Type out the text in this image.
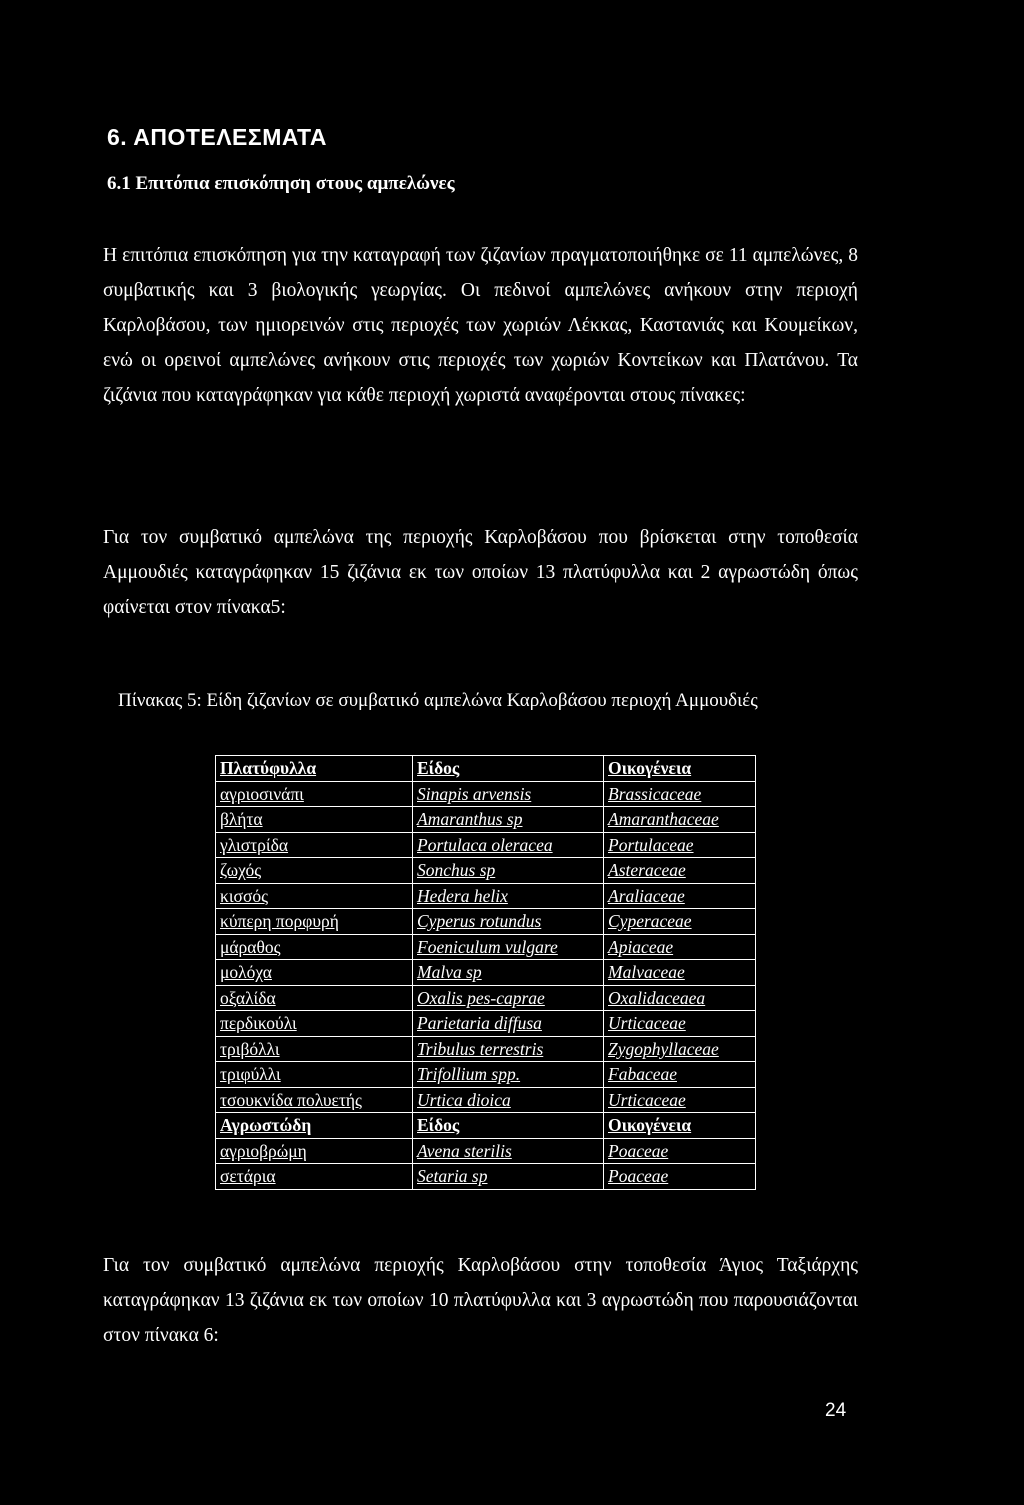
6. ΑΠΟΤΕΛΕΣΜΑΤΑ
6.1 Επιτόπια επισκόπηση στους αμπελώνες

Η επιτόπια επισκόπηση για την καταγραφή των ζιζανίων πραγματοποιήθηκε σε 11 αμπελώνες, 8 συμβατικής και 3 βιολογικής γεωργίας. Οι πεδινοί αμπελώνες ανήκουν στην περιοχή Καρλοβάσου, των ημιορεινών στις περιοχές των χωριών Λέκκας, Καστανιάς και Κουμείκων, ενώ οι ορεινοί αμπελώνες ανήκουν στις περιοχές των χωριών Κοντείκων και Πλατάνου. Τα ζιζάνια που καταγράφηκαν για κάθε περιοχή χωριστά αναφέρονται στους πίνακες:

Για τον συμβατικό αμπελώνα της περιοχής Καρλοβάσου που βρίσκεται στην τοποθεσία Αμμουδιές καταγράφηκαν 15 ζιζάνια εκ των οποίων 13 πλατύφυλλα και 2 αγρωστώδη όπως φαίνεται στον πίνακα5:

Πίνακας 5: Είδη ζιζανίων σε συμβατικό αμπελώνα Καρλοβάσου περιοχή Αμμουδιές

Πλατύφυλλα	Είδος	Οικογένεια
αγριοσινάπι	Sinapis arvensis	Brassicaceae
βλήτα	Amaranthus sp	Amaranthaceae
γλιστρίδα	Portulaca oleracea	Portulaceae
ζωχός	Sonchus sp	Asteraceae
κισσός	Hedera helix	Araliaceae
κύπερη πορφυρή	Cyperus rotundus	Cyperaceae
μάραθος	Foeniculum vulgare	Apiaceae
μολόχα	Malva sp	Malvaceae
οξαλίδα	Oxalis pes-caprae	Oxalidaceaea
περδικούλι	Parietaria diffusa	Urticaceae
τριβόλλι	Tribulus terrestris	Zygophyllaceae
τριφύλλι	Trifollium spp.	Fabaceae
τσουκνίδα πολυετής	Urtica dioica	Urticaceae
Αγρωστώδη	Είδος	Οικογένεια
αγριοβρώμη	Avena sterilis	Poaceae
σετάρια	Setaria sp	Poaceae

Για τον συμβατικό αμπελώνα περιοχής Καρλοβάσου στην τοποθεσία Άγιος Ταξιάρχης καταγράφηκαν 13 ζιζάνια εκ των οποίων 10 πλατύφυλλα και 3 αγρωστώδη που παρουσιάζονται στον πίνακα 6:

24
